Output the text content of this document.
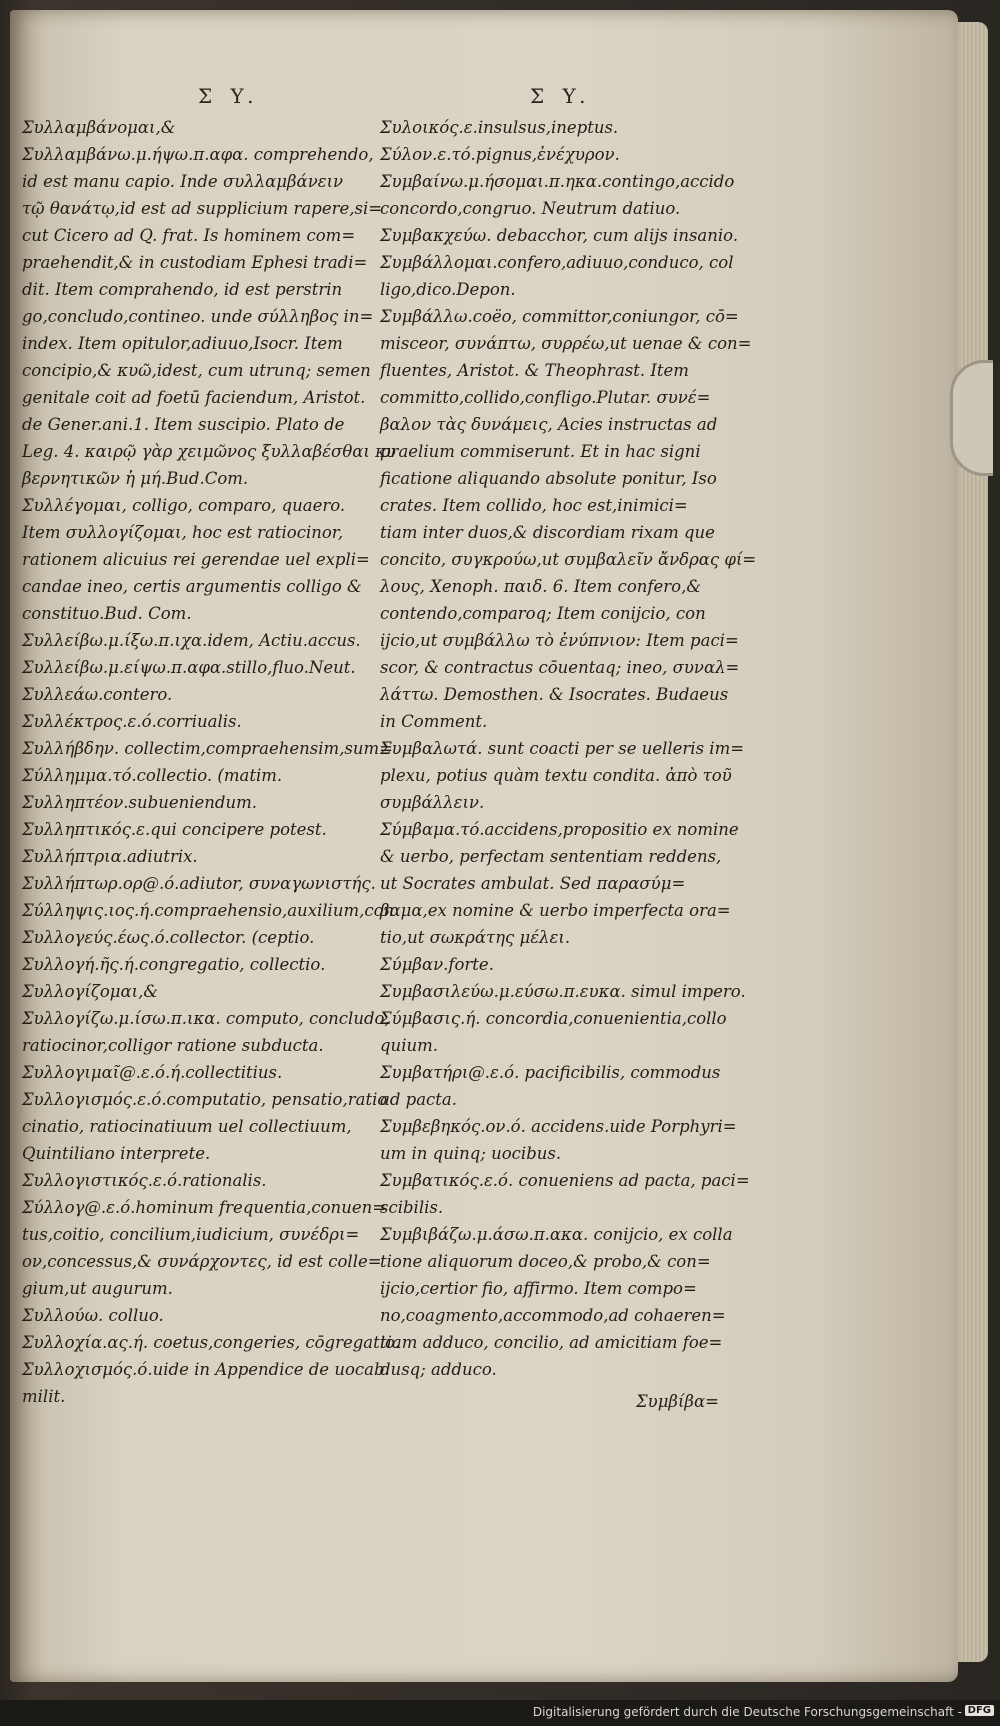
Σ Y.	Σ Y.
Συλλαμβάνομαι,&
Συλλαμβάνω.μ.ήψω.π.αφα. comprehendo,
id est manu capio. Inde συλλαμβάνειν
τῷ θανάτῳ,id est ad supplicium rapere,si=
cut Cicero ad Q. frat. Is hominem com=
praehendit,& in custodiam Ephesi tradi=
dit. Item comprahendo, id est perstrin
go,concludo,contineo. unde σύλληβος in=
index. Item opitulor,adiuuo,Isocr. Item
concipio,& κυῶ,idest, cum utrunq; semen
genitale coit ad foetū faciendum, Aristot.
de Gener.ani.1. Item suscipio. Plato de
Leg. 4. καιρῷ γὰρ χειμῶνος ξυλλαβέσθαι κυ
βερνητικῶν ἡ μή.Bud.Com.
Συλλέγομαι, colligo, comparo, quaero.
Item συλλογίζομαι, hoc est ratiocinor,
rationem alicuius rei gerendae uel expli=
candae ineo, certis argumentis colligo &
constituo.Bud. Com.
Συλλείβω.μ.ίξω.π.ιχα.idem, Actiu.accus.
Συλλείβω.μ.είψω.π.αφα.stillo,fluo.Neut.
Συλλεάω.contero.
Συλλέκτρος.ε.ό.corriualis.
Συλλήβδην. collectim,compraehensim,sum=
Σύλλημμα.τό.collectio. (matim.
Συλληπτέον.subueniendum.
Συλληπτικός.ε.qui concipere potest.
Συλλήπτρια.adiutrix.
Συλλήπτωρ.ορ@.ό.adiutor, συναγωνιστής.
Σύλληψις.ιος.ή.compraehensio,auxilium,con
Συλλογεύς.έως.ό.collector. (ceptio.
Συλλογή.ῆς.ή.congregatio, collectio.
Συλλογίζομαι,&
Συλλογίζω.μ.ίσω.π.ικα. computo, concludo,
ratiocinor,colligor ratione subducta.
Συλλογιμαῖ@.ε.ό.ή.collectitius.
Συλλογισμός.ε.ό.computatio, pensatio,ratio
cinatio, ratiocinatiuum uel collectiuum,
Quintiliano interprete.
Συλλογιστικός.ε.ό.rationalis.
Σύλλογ@.ε.ό.hominum frequentia,conuen=
tus,coitio, concilium,iudicium, συνέδρι=
ον,concessus,& συνάρχοντες, id est colle=
gium,ut augurum.
Συλλούω. colluo.
Συλλοχία.ας.ή. coetus,congeries, cōgregatio.
Συλλοχισμός.ό.uide in Appendice de uocab.
milit.
Συλοικός.ε.insulsus,ineptus.
Σύλον.ε.τό.pignus,ἐνέχυρον.
Συμβαίνω.μ.ήσομαι.π.ηκα.contingo,accido
concordo,congruo. Neutrum datiuo.
Συμβακχεύω. debacchor, cum alijs insanio.
Συμβάλλομαι.confero,adiuuo,conduco, col
ligo,dico.Depon.
Συμβάλλω.coëo, committor,coniungor, cō=
misceor, συνάπτω, συρρέω,ut uenae & con=
fluentes, Aristot. & Theophrast. Item
committo,collido,confligo.Plutar. συνέ=
βαλον τὰς δυνάμεις, Acies instructas ad
praelium commiserunt. Et in hac signi
ficatione aliquando absolute ponitur, Iso
crates. Item collido, hoc est,inimici=
tiam inter duos,& discordiam rixam que
concito, συγκρούω,ut συμβαλεῖν ἄνδρας φί=
λους, Xenoph. παιδ. 6. Item confero,&
contendo,comparoq; Item conijcio, con
ijcio,ut συμβάλλω τὸ ἐνύπνιον: Item paci=
scor, & contractus cōuentaq; ineo, συναλ=
λάττω. Demosthen. & Isocrates. Budaeus
in Comment.
Συμβαλωτά. sunt coacti per se uelleris im=
plexu, potius quàm textu condita. ἀπὸ τοῦ
συμβάλλειν.
Σύμβαμα.τό.accidens,propositio ex nomine
& uerbo, perfectam sententiam reddens,
ut Socrates ambulat. Sed παρασύμ=
βαμα,ex nomine & uerbo imperfecta ora=
tio,ut σωκράτης μέλει.
Σύμβαν.forte.
Συμβασιλεύω.μ.εύσω.π.ευκα. simul impero.
Σύμβασις.ή. concordia,conuenientia,collo
quium.
Συμβατήρι@.ε.ό. pacificibilis, commodus
ad pacta.
Συμβεβηκός.ον.ό. accidens.uide Porphyri=
um in quinq; uocibus.
Συμβατικός.ε.ό. conueniens ad pacta, paci=
scibilis.
Συμβιβάζω.μ.άσω.π.ακα. conijcio, ex colla
tione aliquorum doceo,& probo,& con=
ijcio,certior fio, affirmo. Item compo=
no,coagmento,accommodo,ad cohaeren=
tiam adduco, concilio, ad amicitiam foe=
dusq; adduco.
Συμβίβα=
Digitalisierung gefördert durch die Deutsche Forschungsgemeinschaft - DFG
